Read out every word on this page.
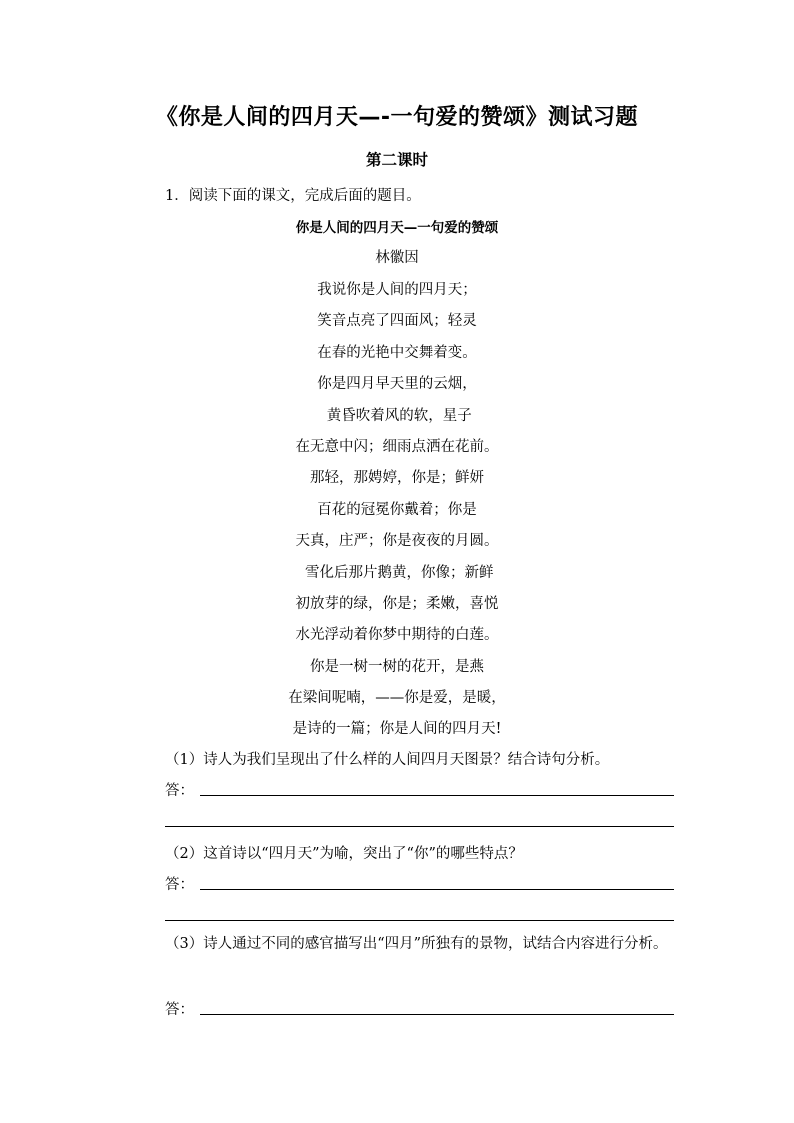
《你是人间的四月天—-一句爱的赞颂》测试习题
第二课时
1．阅读下面的课文，完成后面的题目。
你是人间的四月天—一句爱的赞颂
林徽因
我说你是人间的四月天；
笑音点亮了四面风；轻灵
在春的光艳中交舞着变。
你是四月早天里的云烟，
黄昏吹着风的软，星子
在无意中闪；细雨点洒在花前。
那轻，那娉婷，你是；鲜妍
百花的冠冕你戴着；你是
天真，庄严；你是夜夜的月圆。
雪化后那片鹅黄，你像；新鲜
初放芽的绿，你是；柔嫩，喜悦
水光浮动着你梦中期待的白莲。
你是一树一树的花开，是燕
在梁间呢喃，——你是爱，是暖，
是诗的一篇；你是人间的四月天!
（1）诗人为我们呈现出了什么样的人间四月天图景？结合诗句分析。
答：
（2）这首诗以“四月天”为喻，突出了“你”的哪些特点？
答：
（3）诗人通过不同的感官描写出“四月”所独有的景物，试结合内容进行分析。
答：
